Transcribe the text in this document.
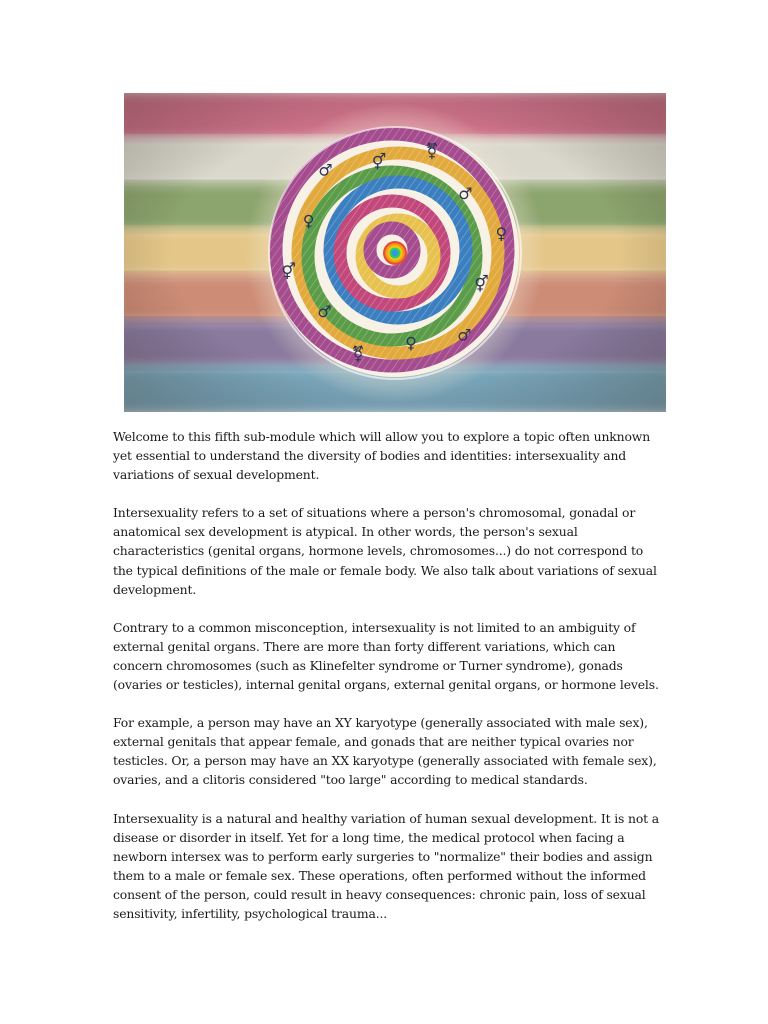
⚥
⚧
♂
♀
⚥
♂
♀
⚧
♂
⚥
♀
♂

Welcome to this fifth sub-module which will allow you to explore a topic often unknown yet essential to understand the diversity of bodies and identities: intersexuality and variations of sexual development.

Intersexuality refers to a set of situations where a person's chromosomal, gonadal or anatomical sex development is atypical. In other words, the person's sexual characteristics (genital organs, hormone levels, chromosomes...) do not correspond to the typical definitions of the male or female body. We also talk about variations of sexual development.

Contrary to a common misconception, intersexuality is not limited to an ambiguity of external genital organs. There are more than forty different variations, which can concern chromosomes (such as Klinefelter syndrome or Turner syndrome), gonads (ovaries or testicles), internal genital organs, external genital organs, or hormone levels.

For example, a person may have an XY karyotype (generally associated with male sex), external genitals that appear female, and gonads that are neither typical ovaries nor testicles. Or, a person may have an XX karyotype (generally associated with female sex), ovaries, and a clitoris considered "too large" according to medical standards.

Intersexuality is a natural and healthy variation of human sexual development. It is not a disease or disorder in itself. Yet for a long time, the medical protocol when facing a newborn intersex was to perform early surgeries to "normalize" their bodies and assign them to a male or female sex. These operations, often performed without the informed consent of the person, could result in heavy consequences: chronic pain, loss of sexual sensitivity, infertility, psychological trauma...
